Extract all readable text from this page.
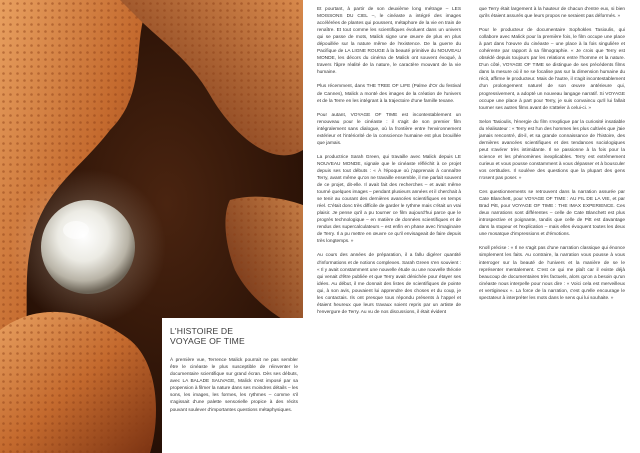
L'HISTOIRE DE
VOYAGE OF TIME

À première vue, Terrence Malick pourrait ne pas sembler être le cinéaste le plus susceptible de réinventer le documentaire scientifique sur grand écran. Dès ses débuts, avec LA BALADE SAUVAGE, Malick s'est imposé par sa propension à filmer la nature dans ses moindres détails – les sons, les images, les formes, les rythmes – comme s'il s'agissait d'une palette sensorielle propice à des récits pouvant soulever d'importantes questions métaphysiques.

Et pourtant, à partir de son deuxième long métrage – LES MOISSONS DU CIEL –, le cinéaste a intégré des images accélérées de plantes qui poussent, métaphore de la vie en train de renaître. Et tout comme les scientifiques évoluent dans un univers qui se passe de mots, Malick signe une œuvre de plus en plus dépouillée sur la nature même de l'existence. De la guerre du Pacifique de LA LIGNE ROUGE à la beauté primitive du NOUVEAU MONDE, les décors du cinéma de Malick ont souvent évoqué, à travers l'âpre réalité de la nature, le caractère mouvant de la vie humaine.

Plus récemment, dans THE TREE OF LIFE (Palme d'Or du festival de Cannes), Malick a monté des images de la création de l'univers et de la Terre en les intégrant à la trajectoire d'une famille texane.

Pour autant, VOYAGE OF TIME est incontestablement un renouveau pour le cinéaste : il s'agit de son premier film intégralement sans dialogue, où la frontière entre l'environnement extérieur et l'intériorité de la conscience humaine est plus brouillée que jamais.

La productrice Sarah Green, qui travaille avec Malick depuis LE NOUVEAU MONDE, signale que le cinéaste réfléchit à ce projet depuis ses tout débuts : « À l'époque où j'apprenais à connaître Terry, avant même qu'on ne travaille ensemble, il me parlait souvent de ce projet, dit-elle. Il avait fait des recherches – et avait même tourné quelques images – pendant plusieurs années et il cherchait à se tenir au courant des dernières avancées scientifiques en temps réel. C'était donc très difficile de garder le rythme mais c'était un vrai plaisir. Je pense qu'il a pu tourner ce film aujourd'hui parce que le progrès technologique – en matière de données scientifiques et de rendus des supercalculateurs – est enfin en phase avec l'imaginaire de Terry. Il a pu mettre en œuvre ce qu'il envisageait de faire depuis très longtemps. »

Au cours des années de préparation, il a fallu digérer quantité d'informations et de notions complexes. Sarah Green s'en souvient : « Il y avait constamment une nouvelle étude ou une nouvelle théorie qui venait d'être publiée et que Terry avait dénichée pour étayer ses idées. Au début, il me donnait des listes de scientifiques de pointe qui, à son avis, pouvaient lui apprendre des choses et du coup, je les contactais. Ils ont presque tous répondu présents à l'appel et étaient heureux que leurs travaux soient repris par un artiste de l'envergure de Terry. Au vu de nos discussions, il était évident

que Terry était largement à la hauteur de chacun d'entre eux, si bien qu'ils étaient assurés que leurs propos ne seraient pas déformés. »

Pour le producteur de documentaire Sophokles Tasioulis, qui collabore avec Malick pour la première fois, le film occupe une place à part dans l'œuvre du cinéaste – une place à la fois singulière et cohérente par rapport à sa filmographie. « Je crois que Terry est obsédé depuis toujours par les relations entre l'homme et la nature. D'un côté, VOYAGE OF TIME se distingue de ses précédents films dans la mesure où il ne se focalise pas sur la dimension humaine du récit, affirme le producteur. Mais de l'autre, il s'agit incontestablement d'un prolongement naturel de son œuvre antérieure qui, progressivement, a adopté un nouveau langage narratif. Si VOYAGE occupe une place à part pour Terry, je suis convaincu qu'il lui fallait tourner ses autres films avant de s'atteler à celui-ci. »

Selon Tasioulis, l'énergie du film s'explique par la curiosité insatiable du réalisateur : « Terry est l'un des hommes les plus cultivés que j'aie jamais rencontré, dit-il, et sa grande connaissance de l'histoire, des dernières avancées scientifiques et des tendances sociologiques peut s'avérer très intimidante. Il se passionne à la fois pour la science et les phénomènes inexplicables. Terry est extrêmement curieux et vous pousse constamment à vous dépasser et à bousculer vos certitudes. Il soulève des questions que la plupart des gens n'osent pas poser. »

Ces questionnements se retrouvent dans la narration assurée par Cate Blanchett, pour VOYAGE OF TIME : AU FIL DE LA VIE, et par Brad Pitt, pour VOYAGE OF TIME : THE IMAX EXPERIENCE. Ces deux narrations sont différentes – celle de Cate Blanchett est plus introspective et poignante, tandis que celle de Pitt est davantage dans la stupeur et l'explication – mais elles évoquent toutes les deux une mosaïque d'impressions et d'émotions.

Knoll précise : « Il ne s'agit pas d'une narration classique qui énonce simplement les faits. Au contraire, la narration vous pousse à vous interroger sur la beauté de l'univers et la manière de se le représenter mentalement. C'est ce qui me plaît car il existe déjà beaucoup de documentaires très factuels, alors qu'on a besoin qu'un cinéaste nous interpelle pour nous dire : « Voici cela est merveilleux et vertigineux ». La force de la narration, c'est qu'elle encourage le spectateur à interpréter les mots dans le sens qui lui souhaite. »
